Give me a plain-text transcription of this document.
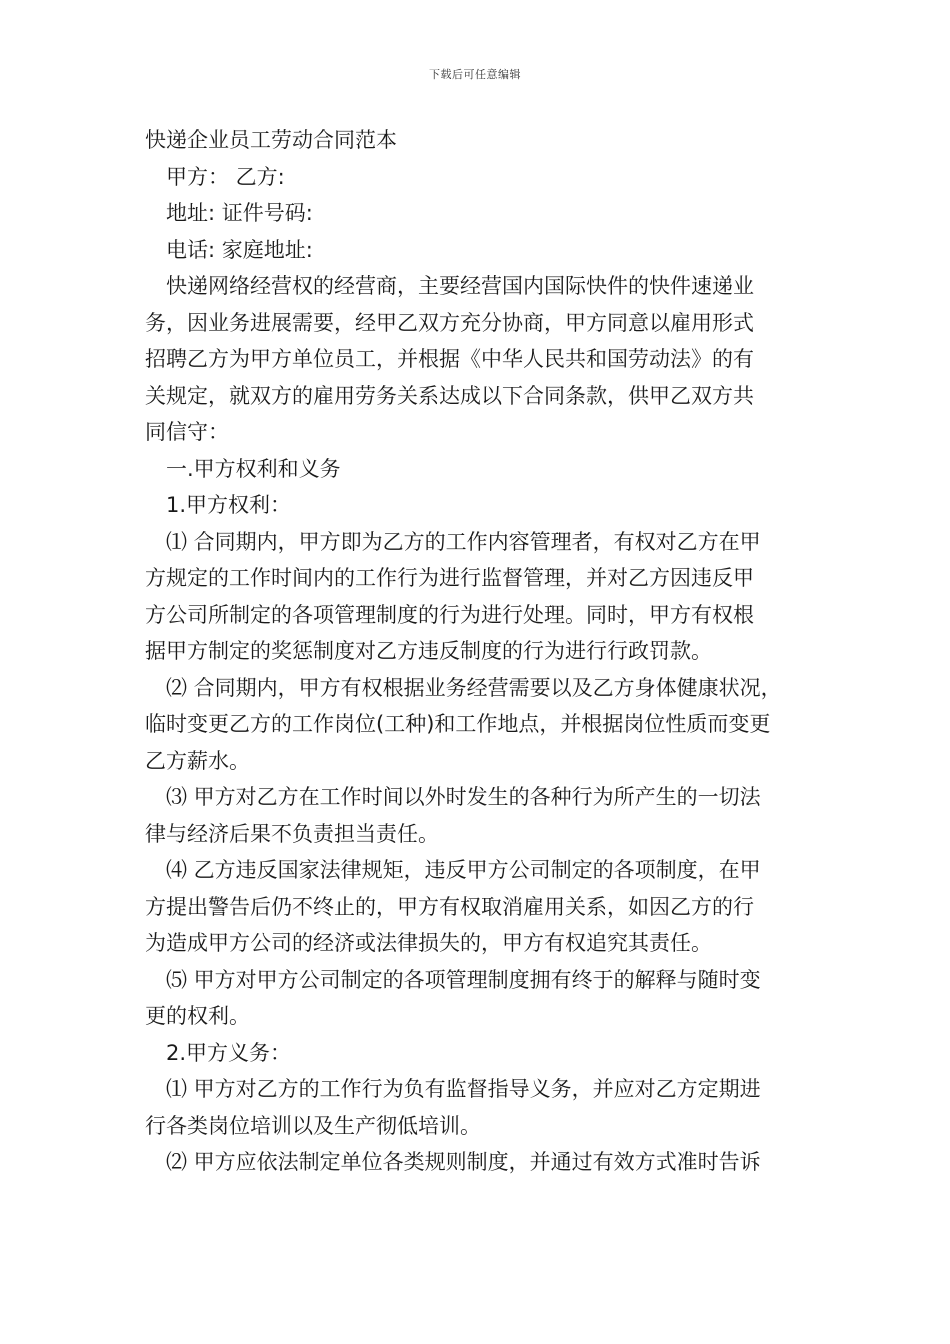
下载后可任意编辑
快递企业员工劳动合同范本
甲方： 乙方:
地址: 证件号码:
电话: 家庭地址:
快递网络经营权的经营商，主要经营国内国际快件的快件速递业
务，因业务进展需要，经甲乙双方充分协商，甲方同意以雇用形式
招聘乙方为甲方单位员工，并根据《中华人民共和国劳动法》的有
关规定，就双方的雇用劳务关系达成以下合同条款，供甲乙双方共
同信守：
一.甲方权利和义务
1.甲方权利：
⑴ 合同期内，甲方即为乙方的工作内容管理者，有权对乙方在甲
方规定的工作时间内的工作行为进行监督管理，并对乙方因违反甲
方公司所制定的各项管理制度的行为进行处理。同时，甲方有权根
据甲方制定的奖惩制度对乙方违反制度的行为进行行政罚款。
⑵ 合同期内，甲方有权根据业务经营需要以及乙方身体健康状况，
临时变更乙方的工作岗位(工种)和工作地点，并根据岗位性质而变更
乙方薪水。
⑶ 甲方对乙方在工作时间以外时发生的各种行为所产生的一切法
律与经济后果不负责担当责任。
⑷ 乙方违反国家法律规矩，违反甲方公司制定的各项制度，在甲
方提出警告后仍不终止的，甲方有权取消雇用关系，如因乙方的行
为造成甲方公司的经济或法律损失的，甲方有权追究其责任。
⑸ 甲方对甲方公司制定的各项管理制度拥有终于的解释与随时变
更的权利。
2.甲方义务：
⑴ 甲方对乙方的工作行为负有监督指导义务，并应对乙方定期进
行各类岗位培训以及生产彻低培训。
⑵ 甲方应依法制定单位各类规则制度，并通过有效方式准时告诉
